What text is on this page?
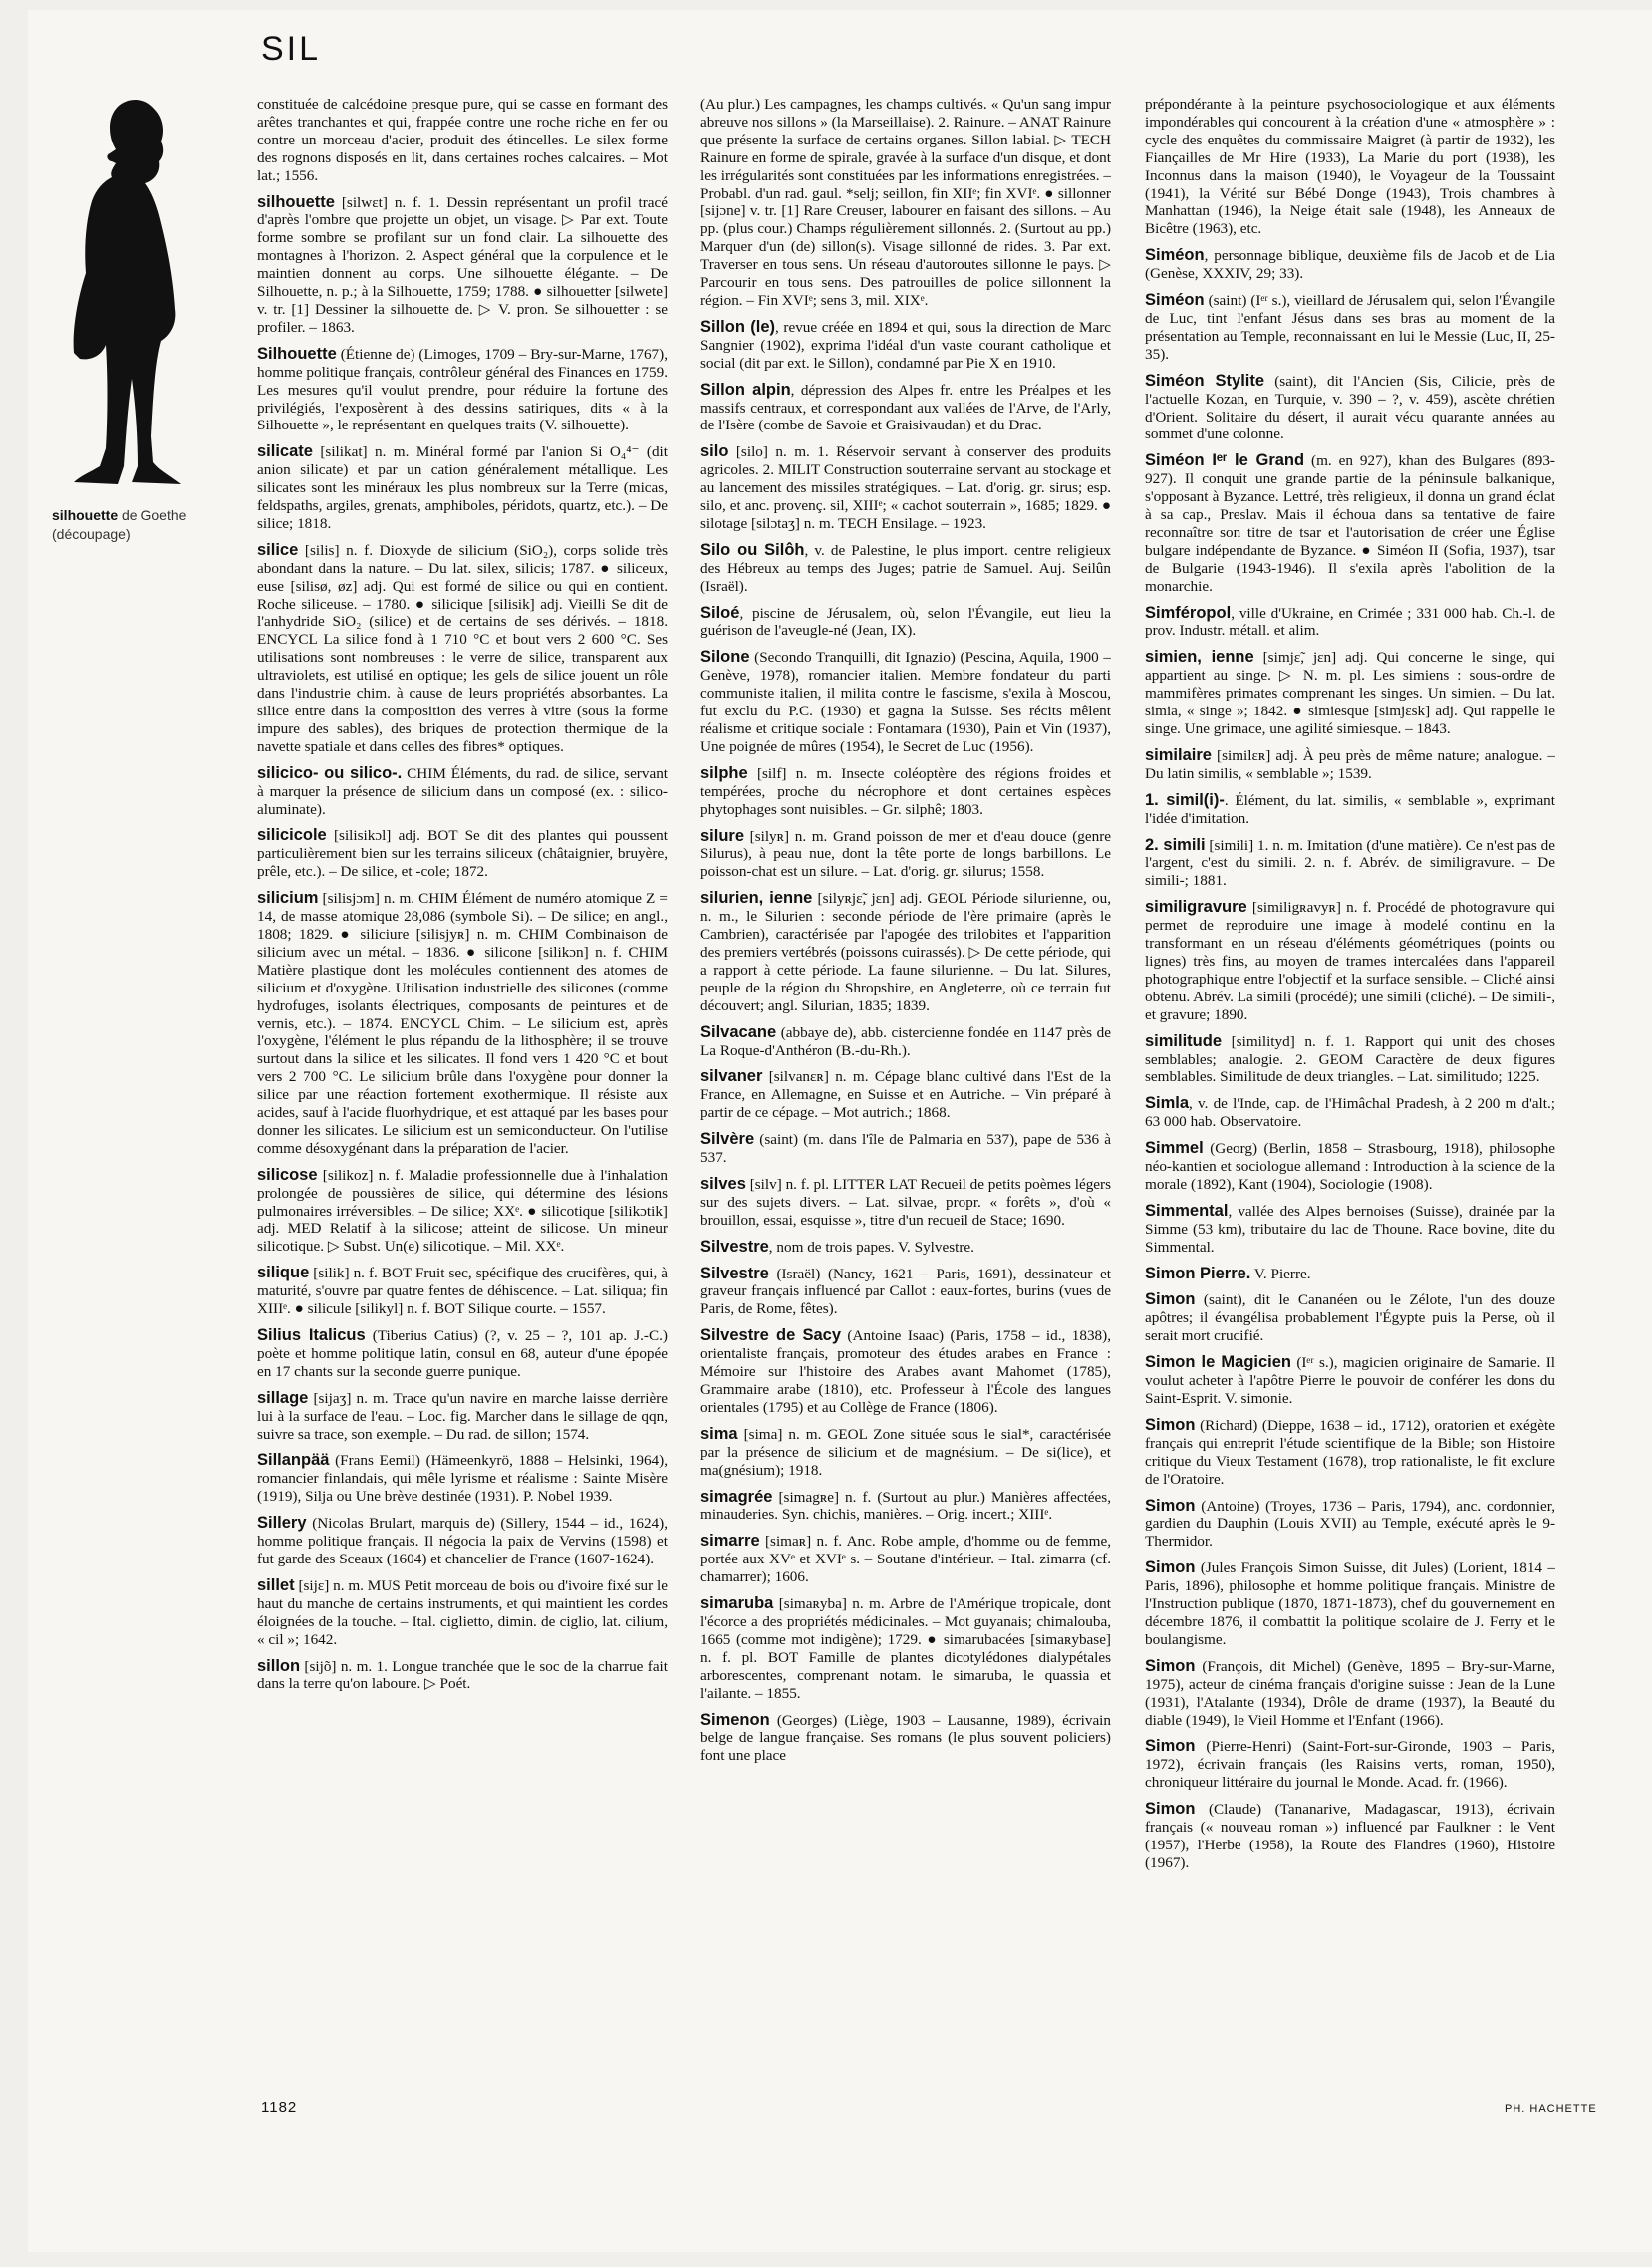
SIL
silhouette de Goethe (découpage)

constituée de calcédoine presque pure, qui se casse en formant des arêtes tranchantes et qui, frappée contre une roche riche en fer ou contre un morceau d'acier, produit des étincelles. Le silex forme des rognons disposés en lit, dans certaines roches calcaires. – Mot lat.; 1556.

silhouette [silwɛt] n. f. 1. Dessin représentant un profil tracé d'après l'ombre que projette un objet, un visage. ▷ Par ext. Toute forme sombre se profilant sur un fond clair. La silhouette des montagnes à l'horizon. 2. Aspect général que la corpulence et le maintien donnent au corps. Une silhouette élégante. – De Silhouette, n. p.; à la Silhouette, 1759; 1788. ● silhouetter [silwete] v. tr. [1] Dessiner la silhouette de. ▷ V. pron. Se silhouetter : se profiler. – 1863.

Silhouette (Étienne de) (Limoges, 1709 – Bry-sur-Marne, 1767), homme politique français, contrôleur général des Finances en 1759. Les mesures qu'il voulut prendre, pour réduire la fortune des privilégiés, l'exposèrent à des dessins satiriques, dits « à la Silhouette », le représentant en quelques traits (V. silhouette).

silicate [silikat] n. m. Minéral formé par l'anion Si O₄⁴⁻ (dit anion silicate) et par un cation généralement métallique. Les silicates sont les minéraux les plus nombreux sur la Terre (micas, feldspaths, argiles, grenats, amphiboles, péridots, quartz, etc.). – De silice; 1818.

silice [silis] n. f. Dioxyde de silicium (SiO₂), corps solide très abondant dans la nature. – Du lat. silex, silicis; 1787. ● siliceux, euse [silisø, øz] adj. Qui est formé de silice ou qui en contient. Roche siliceuse. – 1780. ● silicique [silisik] adj. Vieilli Se dit de l'anhydride SiO₂ (silice) et de certains de ses dérivés. – 1818. ENCYCL La silice fond à 1 710 °C et bout vers 2 600 °C. Ses utilisations sont nombreuses : le verre de silice, transparent aux ultraviolets, est utilisé en optique; les gels de silice jouent un rôle dans l'industrie chim. à cause de leurs propriétés absorbantes. La silice entre dans la composition des verres à vitre (sous la forme impure des sables), des briques de protection thermique de la navette spatiale et dans celles des fibres* optiques.

silicico- ou silico-. CHIM Éléments, du rad. de silice, servant à marquer la présence de silicium dans un composé (ex. : silico-aluminate).

silicicole [silisikɔl] adj. BOT Se dit des plantes qui poussent particulièrement bien sur les terrains siliceux (châtaignier, bruyère, prêle, etc.). – De silice, et -cole; 1872.

silicium [silisjɔm] n. m. CHIM Élément de numéro atomique Z = 14, de masse atomique 28,086 (symbole Si). – De silice; en angl., 1808; 1829. ● siliciure [silisjyʀ] n. m. CHIM Combinaison de silicium avec un métal. – 1836. ● silicone [silikɔn] n. f. CHIM Matière plastique dont les molécules contiennent des atomes de silicium et d'oxygène. Utilisation industrielle des silicones (comme hydrofuges, isolants électriques, composants de peintures et de vernis, etc.). – 1874. ENCYCL Chim. – Le silicium est, après l'oxygène, l'élément le plus répandu de la lithosphère; il se trouve surtout dans la silice et les silicates. Il fond vers 1 420 °C et bout vers 2 700 °C. Le silicium brûle dans l'oxygène pour donner la silice par une réaction fortement exothermique. Il résiste aux acides, sauf à l'acide fluorhydrique, et est attaqué par les bases pour donner les silicates. Le silicium est un semiconducteur. On l'utilise comme désoxygénant dans la préparation de l'acier.

silicose [silikoz] n. f. Maladie professionnelle due à l'inhalation prolongée de poussières de silice, qui détermine des lésions pulmonaires irréversibles. – De silice; XXᵉ. ● silicotique [silikɔtik] adj. MED Relatif à la silicose; atteint de silicose. Un mineur silicotique. ▷ Subst. Un(e) silicotique. – Mil. XXᵉ.

silique [silik] n. f. BOT Fruit sec, spécifique des crucifères, qui, à maturité, s'ouvre par quatre fentes de déhiscence. – Lat. siliqua; fin XIIIᵉ. ● silicule [silikyl] n. f. BOT Silique courte. – 1557.

Silius Italicus (Tiberius Catius) (?, v. 25 – ?, 101 ap. J.-C.) poète et homme politique latin, consul en 68, auteur d'une épopée en 17 chants sur la seconde guerre punique.

sillage [sijaʒ] n. m. Trace qu'un navire en marche laisse derrière lui à la surface de l'eau. – Loc. fig. Marcher dans le sillage de qqn, suivre sa trace, son exemple. – Du rad. de sillon; 1574.

Sillanpää (Frans Eemil) (Hämeenkyrö, 1888 – Helsinki, 1964), romancier finlandais, qui mêle lyrisme et réalisme : Sainte Misère (1919), Silja ou Une brève destinée (1931). P. Nobel 1939.

Sillery (Nicolas Brulart, marquis de) (Sillery, 1544 – id., 1624), homme politique français. Il négocia la paix de Vervins (1598) et fut garde des Sceaux (1604) et chancelier de France (1607-1624).

sillet [sijɛ] n. m. MUS Petit morceau de bois ou d'ivoire fixé sur le haut du manche de certains instruments, et qui maintient les cordes éloignées de la touche. – Ital. ciglietto, dimin. de ciglio, lat. cilium, « cil »; 1642.

sillon [sijõ] n. m. 1. Longue tranchée que le soc de la charrue fait dans la terre qu'on laboure. ▷ Poét.

(Au plur.) Les campagnes, les champs cultivés. « Qu'un sang impur abreuve nos sillons » (la Marseillaise). 2. Rainure. – ANAT Rainure que présente la surface de certains organes. Sillon labial. ▷ TECH Rainure en forme de spirale, gravée à la surface d'un disque, et dont les irrégularités sont constituées par les informations enregistrées. – Probabl. d'un rad. gaul. *selj; seillon, fin XIIᵉ; fin XVIᵉ. ● sillonner [sijɔne] v. tr. [1] Rare Creuser, labourer en faisant des sillons. – Au pp. (plus cour.) Champs régulièrement sillonnés. 2. (Surtout au pp.) Marquer d'un (de) sillon(s). Visage sillonné de rides. 3. Par ext. Traverser en tous sens. Un réseau d'autoroutes sillonne le pays. ▷ Parcourir en tous sens. Des patrouilles de police sillonnent la région. – Fin XVIᵉ; sens 3, mil. XIXᵉ.

Sillon (le), revue créée en 1894 et qui, sous la direction de Marc Sangnier (1902), exprima l'idéal d'un vaste courant catholique et social (dit par ext. le Sillon), condamné par Pie X en 1910.

Sillon alpin, dépression des Alpes fr. entre les Préalpes et les massifs centraux, et correspondant aux vallées de l'Arve, de l'Arly, de l'Isère (combe de Savoie et Graisivaudan) et du Drac.

silo [silo] n. m. 1. Réservoir servant à conserver des produits agricoles. 2. MILIT Construction souterraine servant au stockage et au lancement des missiles stratégiques. – Lat. d'orig. gr. sirus; esp. silo, et anc. provenç. sil, XIIIᵉ; « cachot souterrain », 1685; 1829. ● silotage [silɔtaʒ] n. m. TECH Ensilage. – 1923.

Silo ou Silôh, v. de Palestine, le plus import. centre religieux des Hébreux au temps des Juges; patrie de Samuel. Auj. Seilûn (Israël).

Siloé, piscine de Jérusalem, où, selon l'Évangile, eut lieu la guérison de l'aveugle-né (Jean, IX).

Silone (Secondo Tranquilli, dit Ignazio) (Pescina, Aquila, 1900 – Genève, 1978), romancier italien. Membre fondateur du parti communiste italien, il milita contre le fascisme, s'exila à Moscou, fut exclu du P.C. (1930) et gagna la Suisse. Ses récits mêlent réalisme et critique sociale : Fontamara (1930), Pain et Vin (1937), Une poignée de mûres (1954), le Secret de Luc (1956).

silphe [silf] n. m. Insecte coléoptère des régions froides et tempérées, proche du nécrophore et dont certaines espèces phytophages sont nuisibles. – Gr. silphê; 1803.

silure [silyʀ] n. m. Grand poisson de mer et d'eau douce (genre Silurus), à peau nue, dont la tête porte de longs barbillons. Le poisson-chat est un silure. – Lat. d'orig. gr. silurus; 1558.

silurien, ienne [silyʀjɛ̃, jɛn] adj. GEOL Période silurienne, ou, n. m., le Silurien : seconde période de l'ère primaire (après le Cambrien), caractérisée par l'apogée des trilobites et l'apparition des premiers vertébrés (poissons cuirassés). ▷ De cette période, qui a rapport à cette période. La faune silurienne. – Du lat. Silures, peuple de la région du Shropshire, en Angleterre, où ce terrain fut découvert; angl. Silurian, 1835; 1839.

Silvacane (abbaye de), abb. cistercienne fondée en 1147 près de La Roque-d'Anthéron (B.-du-Rh.).

silvaner [silvanɛʀ] n. m. Cépage blanc cultivé dans l'Est de la France, en Allemagne, en Suisse et en Autriche. – Vin préparé à partir de ce cépage. – Mot autrich.; 1868.

Silvère (saint) (m. dans l'île de Palmaria en 537), pape de 536 à 537.

silves [silv] n. f. pl. LITTER LAT Recueil de petits poèmes légers sur des sujets divers. – Lat. silvae, propr. « forêts », d'où « brouillon, essai, esquisse », titre d'un recueil de Stace; 1690.

Silvestre, nom de trois papes. V. Sylvestre.

Silvestre (Israël) (Nancy, 1621 – Paris, 1691), dessinateur et graveur français influencé par Callot : eaux-fortes, burins (vues de Paris, de Rome, fêtes).

Silvestre de Sacy (Antoine Isaac) (Paris, 1758 – id., 1838), orientaliste français, promoteur des études arabes en France : Mémoire sur l'histoire des Arabes avant Mahomet (1785), Grammaire arabe (1810), etc. Professeur à l'École des langues orientales (1795) et au Collège de France (1806).

sima [sima] n. m. GEOL Zone située sous le sial*, caractérisée par la présence de silicium et de magnésium. – De si(lice), et ma(gnésium); 1918.

simagrée [simagʀe] n. f. (Surtout au plur.) Manières affectées, minauderies. Syn. chichis, manières. – Orig. incert.; XIIIᵉ.

simarre [simaʀ] n. f. Anc. Robe ample, d'homme ou de femme, portée aux XVᵉ et XVIᵉ s. – Soutane d'intérieur. – Ital. zimarra (cf. chamarrer); 1606.

simaruba [simaʀyba] n. m. Arbre de l'Amérique tropicale, dont l'écorce a des propriétés médicinales. – Mot guyanais; chimalouba, 1665 (comme mot indigène); 1729. ● simarubacées [simaʀybase] n. f. pl. BOT Famille de plantes dicotylédones dialypétales arborescentes, comprenant notam. le simaruba, le quassia et l'ailante. – 1855.

Simenon (Georges) (Liège, 1903 – Lausanne, 1989), écrivain belge de langue française. Ses romans (le plus souvent policiers) font une place

prépondérante à la peinture psychosociologique et aux éléments impondérables qui concourent à la création d'une « atmosphère » : cycle des enquêtes du commissaire Maigret (à partir de 1932), les Fiançailles de Mr Hire (1933), La Marie du port (1938), les Inconnus dans la maison (1940), le Voyageur de la Toussaint (1941), la Vérité sur Bébé Donge (1943), Trois chambres à Manhattan (1946), la Neige était sale (1948), les Anneaux de Bicêtre (1963), etc.

Siméon, personnage biblique, deuxième fils de Jacob et de Lia (Genèse, XXXIV, 29; 33).

Siméon (saint) (Iᵉʳ s.), vieillard de Jérusalem qui, selon l'Évangile de Luc, tint l'enfant Jésus dans ses bras au moment de la présentation au Temple, reconnaissant en lui le Messie (Luc, II, 25-35).

Siméon Stylite (saint), dit l'Ancien (Sis, Cilicie, près de l'actuelle Kozan, en Turquie, v. 390 – ?, v. 459), ascète chrétien d'Orient. Solitaire du désert, il aurait vécu quarante années au sommet d'une colonne.

Siméon Iᵉʳ le Grand (m. en 927), khan des Bulgares (893-927). Il conquit une grande partie de la péninsule balkanique, s'opposant à Byzance. Lettré, très religieux, il donna un grand éclat à sa cap., Preslav. Mais il échoua dans sa tentative de faire reconnaître son titre de tsar et l'autorisation de créer une Église bulgare indépendante de Byzance. ● Siméon II (Sofia, 1937), tsar de Bulgarie (1943-1946). Il s'exila après l'abolition de la monarchie.

Simféropol, ville d'Ukraine, en Crimée ; 331 000 hab. Ch.-l. de prov. Industr. métall. et alim.

simien, ienne [simjɛ̃, jɛn] adj. Qui concerne le singe, qui appartient au singe. ▷ N. m. pl. Les simiens : sous-ordre de mammifères primates comprenant les singes. Un simien. – Du lat. simia, « singe »; 1842. ● simiesque [simjɛsk] adj. Qui rappelle le singe. Une grimace, une agilité simiesque. – 1843.

similaire [similɛʀ] adj. À peu près de même nature; analogue. – Du latin similis, « semblable »; 1539.

1. simil(i)-. Élément, du lat. similis, « semblable », exprimant l'idée d'imitation.

2. simili [simili] 1. n. m. Imitation (d'une matière). Ce n'est pas de l'argent, c'est du simili. 2. n. f. Abrév. de similigravure. – De simili-; 1881.

similigravure [similigʀavyʀ] n. f. Procédé de photogravure qui permet de reproduire une image à modelé continu en la transformant en un réseau d'éléments géométriques (points ou lignes) très fins, au moyen de trames intercalées dans l'appareil photographique entre l'objectif et la surface sensible. – Cliché ainsi obtenu. Abrév. La simili (procédé); une simili (cliché). – De simili-, et gravure; 1890.

similitude [similityd] n. f. 1. Rapport qui unit des choses semblables; analogie. 2. GEOM Caractère de deux figures semblables. Similitude de deux triangles. – Lat. similitudo; 1225.

Simla, v. de l'Inde, cap. de l'Himâchal Pradesh, à 2 200 m d'alt.; 63 000 hab. Observatoire.

Simmel (Georg) (Berlin, 1858 – Strasbourg, 1918), philosophe néo-kantien et sociologue allemand : Introduction à la science de la morale (1892), Kant (1904), Sociologie (1908).

Simmental, vallée des Alpes bernoises (Suisse), drainée par la Simme (53 km), tributaire du lac de Thoune. Race bovine, dite du Simmental.

Simon Pierre. V. Pierre.

Simon (saint), dit le Cananéen ou le Zélote, l'un des douze apôtres; il évangélisa probablement l'Égypte puis la Perse, où il serait mort crucifié.

Simon le Magicien (Iᵉʳ s.), magicien originaire de Samarie. Il voulut acheter à l'apôtre Pierre le pouvoir de conférer les dons du Saint-Esprit. V. simonie.

Simon (Richard) (Dieppe, 1638 – id., 1712), oratorien et exégète français qui entreprit l'étude scientifique de la Bible; son Histoire critique du Vieux Testament (1678), trop rationaliste, le fit exclure de l'Oratoire.

Simon (Antoine) (Troyes, 1736 – Paris, 1794), anc. cordonnier, gardien du Dauphin (Louis XVII) au Temple, exécuté après le 9-Thermidor.

Simon (Jules François Simon Suisse, dit Jules) (Lorient, 1814 – Paris, 1896), philosophe et homme politique français. Ministre de l'Instruction publique (1870, 1871-1873), chef du gouvernement en décembre 1876, il combattit la politique scolaire de J. Ferry et le boulangisme.

Simon (François, dit Michel) (Genève, 1895 – Bry-sur-Marne, 1975), acteur de cinéma français d'origine suisse : Jean de la Lune (1931), l'Atalante (1934), Drôle de drame (1937), la Beauté du diable (1949), le Vieil Homme et l'Enfant (1966).

Simon (Pierre-Henri) (Saint-Fort-sur-Gironde, 1903 – Paris, 1972), écrivain français (les Raisins verts, roman, 1950), chroniqueur littéraire du journal le Monde. Acad. fr. (1966).

Simon (Claude) (Tananarive, Madagascar, 1913), écrivain français (« nouveau roman ») influencé par Faulkner : le Vent (1957), l'Herbe (1958), la Route des Flandres (1960), Histoire (1967).

1182	PH. HACHETTE
